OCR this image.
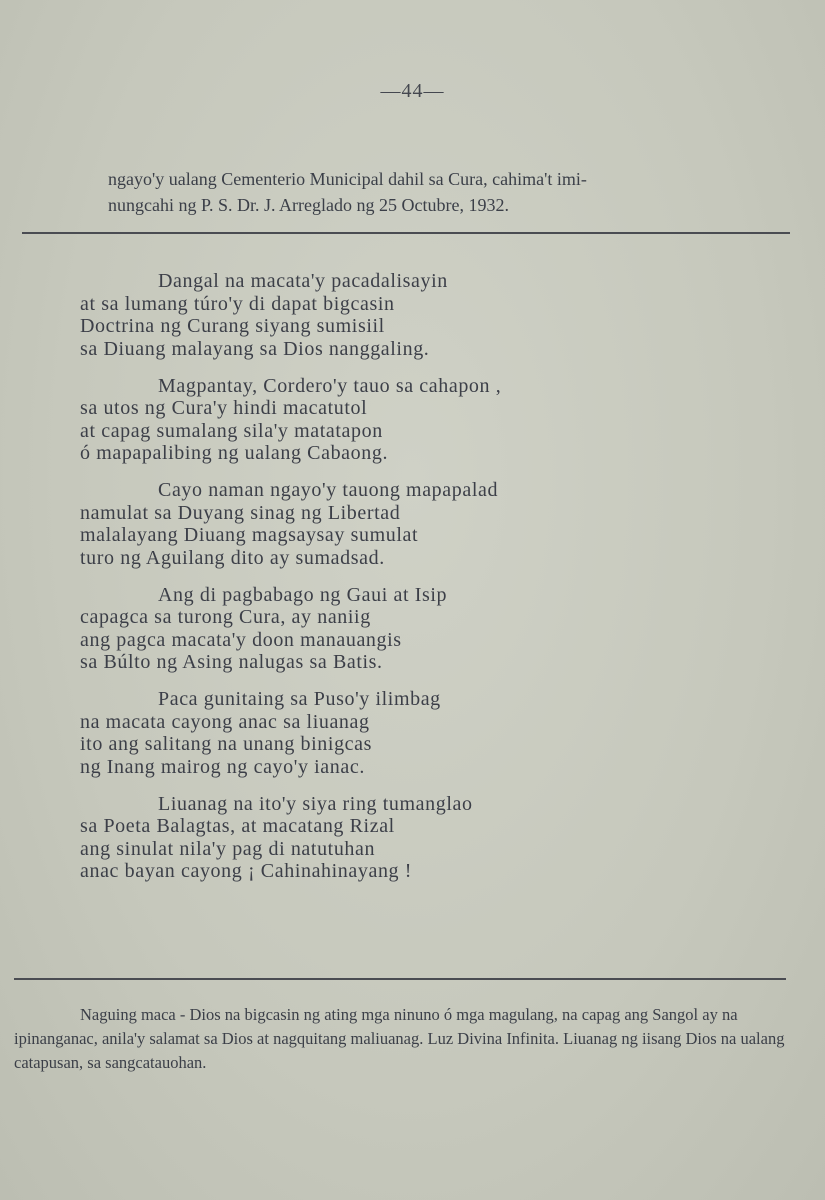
—44—

ngayo'y ualang Cementerio Municipal dahil sa Cura, cahima't imi-

nungcahi ng P. S. Dr. J. Arreglado ng 25 Octubre, 1932.

Dangal na macata'y pacadalisayin
at sa lumang túro'y di dapat bigcasin
Doctrina ng Curang siyang sumisiil
sa Diuang malayang sa Dios nanggaling.
Magpantay, Cordero'y tauo sa cahapon ,
sa utos ng Cura'y hindi macatutol
at capag sumalang sila'y matatapon
ó mapapalibing ng ualang Cabaong.
Cayo naman ngayo'y tauong mapapalad
namulat sa Duyang sinag ng Libertad
malalayang Diuang magsaysay sumulat
turo ng Aguilang dito ay sumadsad.
Ang di pagbabago ng Gaui at Isip
capagca sa turong Cura, ay naniig
ang pagca macata'y doon manauangis
sa Búlto ng Asing nalugas sa Batis.
Paca gunitaing sa Puso'y ilimbag
na macata cayong anac sa liuanag
ito ang salitang na unang binigcas
ng Inang mairog ng cayo'y ianac.
Liuanag na ito'y siya ring tumanglao
sa Poeta Balagtas, at macatang Rizal
ang sinulat nila'y pag di natutuhan
anac bayan cayong ¡ Cahinahinayang !

Naguing maca - Dios na bigcasin ng ating mga ninuno ó mga magulang, na capag ang Sangol ay na ipinanganac, anila'y salamat sa Dios at nagquitang maliuanag. Luz Divina Infinita. Liuanag ng iisang Dios na ualang catapusan, sa sangcatauohan.
